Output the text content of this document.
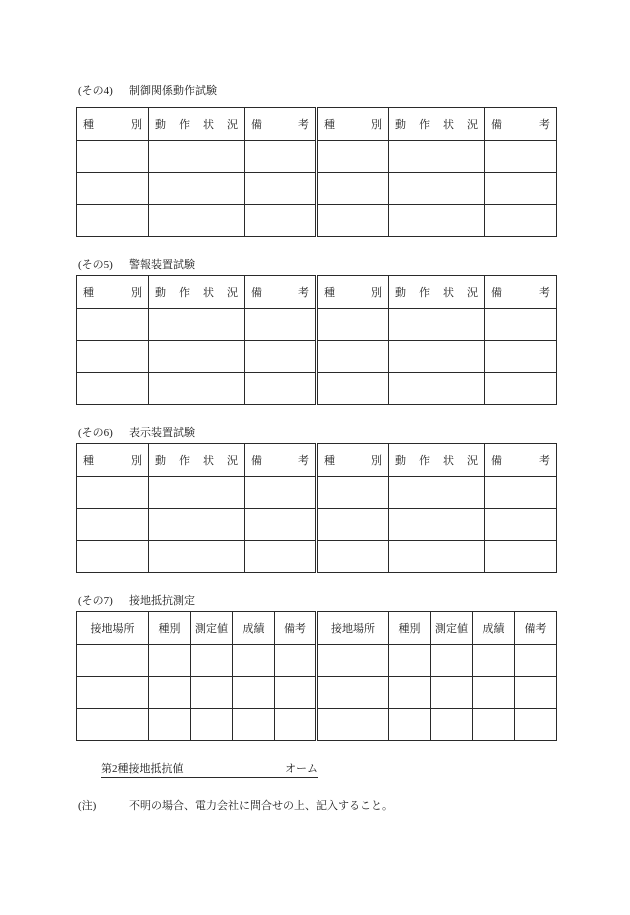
(その4) 制御関係動作試験
種別	動作状況	備考	種別	動作状況	備考

(その5) 警報装置試験
種別	動作状況	備考	種別	動作状況	備考

(その6) 表示装置試験
種別	動作状況	備考	種別	動作状況	備考

(その7) 接地抵抗測定
接地場所	種別	測定値	成績	備考	接地場所	種別	測定値	成績	備考

第2種接地抵抗値	オーム
(注)	不明の場合、電力会社に問合せの上、記入すること。
